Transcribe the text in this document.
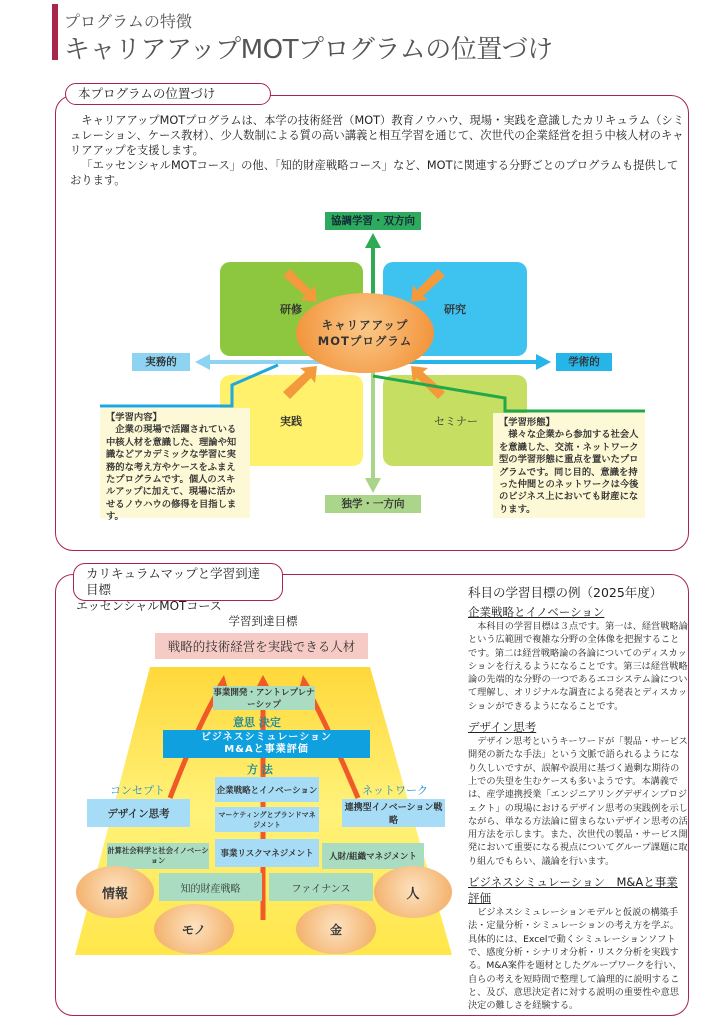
プログラムの特徴
キャリアアップMOTプログラムの位置づけ
本プログラムの位置づけ

キャリアアップMOTプログラムは、本学の技術経営（MOT）教育ノウハウ、現場・実践を意識したカリキュラム（シミュレーション、ケース教材）、少人数制による質の高い講義と相互学習を通じて、次世代の企業経営を担う中核人材のキャリアアップを支援します。

「エッセンシャルMOTコース」の他、「知的財産戦略コース」など、MOTに関連する分野ごとのプログラムも提供しております。

キャリアアップ
MOTプログラム
研修	研究
実践	セミナー
協調学習・双方向
独学・一方向
実務的	学術的
【学習内容】
企業の現場で活躍されている中核人材を意識した、理論や知識などアカデミックな学習に実務的な考え方やケースをふまえたプログラムです。個人のスキルアップに加えて、現場に活かせるノウハウの修得を目指します。
【学習形態】
様々な企業から参加する社会人を意識した、交流・ネットワーク型の学習形態に重点を置いたプログラムです。同じ目的、意識を持った仲間とのネットワークは今後のビジネス上においても財産になります。
カリキュラムマップと学習到達目標
エッセンシャルMOTコース
学習到達目標
戦略的技術経営を実践できる人材
事業開発・アントレプレナーシップ
意思 決定
ビジネスシミュレーション
M&Aと事業評価
方 法
コンセプト	ネットワーク
デザイン思考	連携型イノベーション戦略
企業戦略とイノベーション
マーケティングとブランドマネジメント
計算社会科学と社会イノベーション
事業リスクマネジメント	人財/組織マネジメント
情報	人
知的財産戦略	ファイナンス
モノ	金
科目の学習目標の例（2025年度）
企業戦略とイノベーション
本科目の学習目標は３点です。第一は、経営戦略論という広範囲で複雑な分野の全体像を把握することです。第二は経営戦略論の各論についてのディスカッションを行えるようになることです。第三は経営戦略論の先端的な分野の一つであるエコシステム論について理解し、オリジナルな調査による発表とディスカッションができるようになることです。
デザイン思考
デザイン思考というキーワードが「製品・サービス開発の新たな手法」という文脈で語られるようになり久しいですが、誤解や誤用に基づく過剰な期待の上での失望を生むケースも多いようです。本講義では、産学連携授業「エンジニアリングデザインプロジェクト」の現場におけるデザイン思考の実践例を示しながら、単なる方法論に留まらないデザイン思考の活用方法を示します。また、次世代の製品・サービス開発において重要になる視点についてグループ課題に取り組んでもらい、議論を行います。
ビジネスシミュレーション　M&Aと事業評価
ビジネスシミュレーションモデルと仮説の構築手法・定量分析・シミュレーションの考え方を学ぶ。具体的には、Excelで動くシミュレーションソフトで、感度分析・シナリオ分析・リスク分析を実践する。M&A案件を題材としたグループワークを行い、自らの考えを短時間で整理して論理的に説明すること、及び、意思決定者に対する説明の重要性や意思決定の難しさを経験する。
